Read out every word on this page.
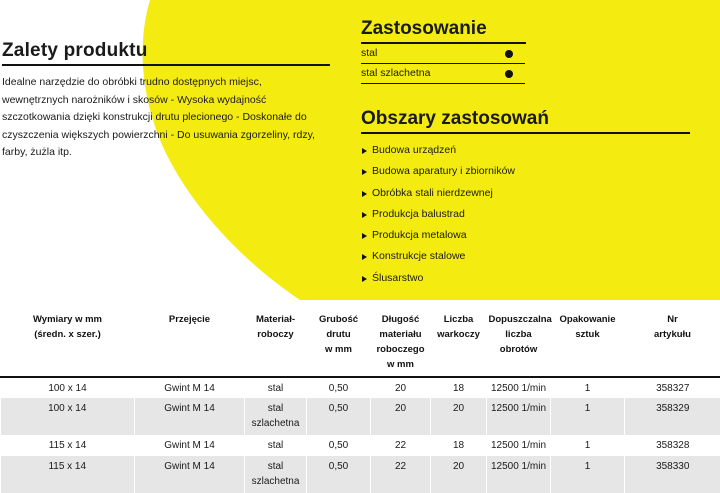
Zalety produktu

Idealne narzędzie do obróbki trudno dostępnych miejsc, wewnętrznych narożników i skosów - Wysoka wydajność szczotkowania dzięki konstrukcji drutu plecionego - Doskonałe do czyszczenia większych powierzchni - Do usuwania zgorzeliny, rdzy, farby, żużla itp.

Zastosowanie
stal
stal szlachetna
Obszary zastosowań
Budowa urządzeń
Budowa aparatury i zbiorników
Obróbka stali nierdzewnej
Produkcja balustrad
Produkcja metalowa
Konstrukcje stalowe
Ślusarstwo
Wymiary w mm
(średn. x szer.)	Przejęcie	Materiał-
roboczy	Grubość
drutu
w mm	Długość
materiału
roboczego
w mm	Liczba
warkoczy	Dopuszczalna
liczba
obrotów	Opakowanie
sztuk	Nr
artykułu
100 x 14	Gwint M 14	stal	0,50	20	18	12500 1/min	1	358327
100 x 14	Gwint M 14	stal
szlachetna	0,50	20	20	12500 1/min	1	358329
115 x 14	Gwint M 14	stal	0,50	22	18	12500 1/min	1	358328
115 x 14	Gwint M 14	stal
szlachetna	0,50	22	20	12500 1/min	1	358330
